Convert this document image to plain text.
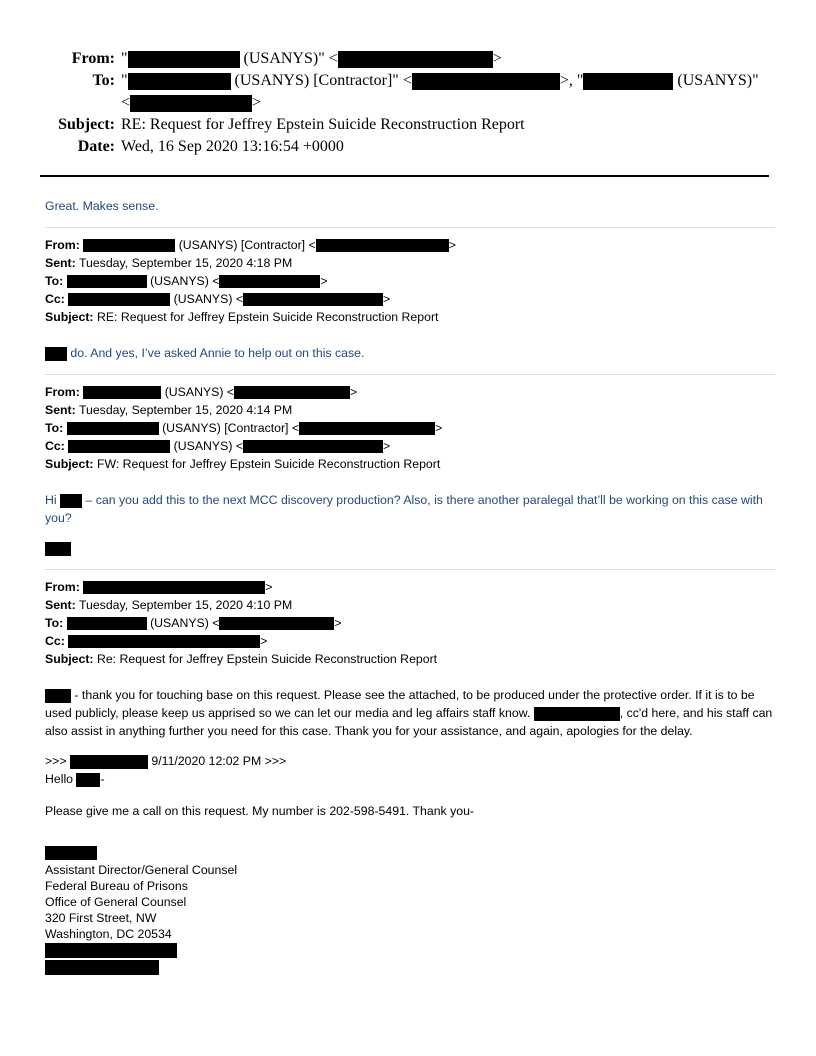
From: "	(USANYS)" <	>
To: "	(USANYS) [Contractor]" <	>, "	(USANYS)"
<	>
Subject: RE: Request for Jeffrey Epstein Suicide Reconstruction Report
Date: Wed, 16 Sep 2020 13:16:54 +0000

Great. Makes sense.

From:	(USANYS) [Contractor] <	>
Sent: Tuesday, September 15, 2020 4:18 PM
To:	(USANYS) <	>
Cc:	(USANYS) <	>
Subject: RE: Request for Jeffrey Epstein Suicide Reconstruction Report

do. And yes, I’ve asked Annie to help out on this case.

From:	(USANYS) <	>
Sent: Tuesday, September 15, 2020 4:14 PM
To:	(USANYS) [Contractor] <	>
Cc:	(USANYS) <	>
Subject: FW: Request for Jeffrey Epstein Suicide Reconstruction Report

Hi – can you add this to the next MCC discovery production? Also, is there another paralegal that’ll be working on this case with you?

From:	>
Sent: Tuesday, September 15, 2020 4:10 PM
To:	(USANYS) <	>
Cc:	>
Subject: Re: Request for Jeffrey Epstein Suicide Reconstruction Report

- thank you for touching base on this request. Please see the attached, to be produced under the protective order. If it is to be used publicly, please keep us apprised so we can let our media and leg affairs staff know.	, cc'd here, and his staff can also assist in anything further you need for this case. Thank you for your assistance, and again, apologies for the delay.

>>>	9/11/2020 12:02 PM >>>
Hello -

Please give me a call on this request. My number is 202-598-5491. Thank you-

Assistant Director/General Counsel
Federal Bureau of Prisons
Office of General Counsel
320 First Street, NW
Washington, DC 20534
